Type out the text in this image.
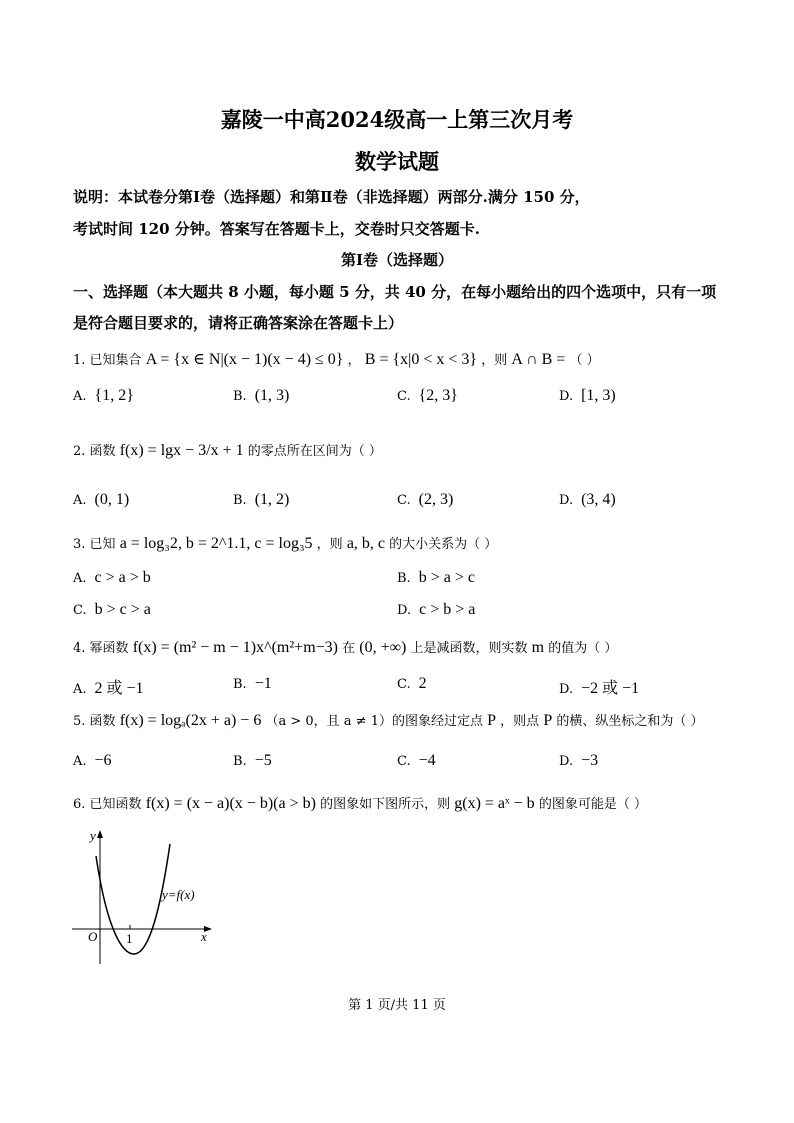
嘉陵一中高2024级高一上第三次月考
数学试题
说明：本试卷分第Ⅰ卷（选择题）和第Ⅱ卷（非选择题）两部分.满分 150 分，
考试时间 120 分钟。答案写在答题卡上，交卷时只交答题卡.
第Ⅰ卷（选择题）
一、选择题（本大题共 8 小题，每小题 5 分，共 40 分，在每小题给出的四个选项中，只有一项
是符合题目要求的，请将正确答案涂在答题卡上）
1. 已知集合 A = {x ∈ N|(x − 1)(x − 4) ≤ 0} ， B = {x|0 < x < 3} ，则 A ∩ B = （ ）
A. {1, 2}	B. (1, 3)	C. {2, 3}	D. [1, 3)
2. 函数 f(x) = lgx − 3/x + 1 的零点所在区间为（ ）
A. (0, 1)	B. (1, 2)	C. (2, 3)	D. (3, 4)
3. 已知 a = log₃2, b = 2^1.1, c = log₃5 ，则 a, b, c 的大小关系为（ ）
A. c > a > b	B. b > a > c
C. b > c > a	D. c > b > a
4. 幂函数 f(x) = (m² − m − 1)x^(m²+m−3) 在 (0, +∞) 上是减函数，则实数 m 的值为（ ）
A. 2 或 −1	B. −1	C. 2	D. −2 或 −1
5. 函数 f(x) = logₐ(2x + a) − 6 （a > 0，且 a ≠ 1）的图象经过定点 P ，则点 P 的横、纵坐标之和为（ ）
A. −6	B. −5	C. −4	D. −3
6. 已知函数 f(x) = (x − a)(x − b)(a > b) 的图象如下图所示，则 g(x) = aˣ − b 的图象可能是（ ）
y
x
O 1
y=f(x)
第 1 页/共 11 页
